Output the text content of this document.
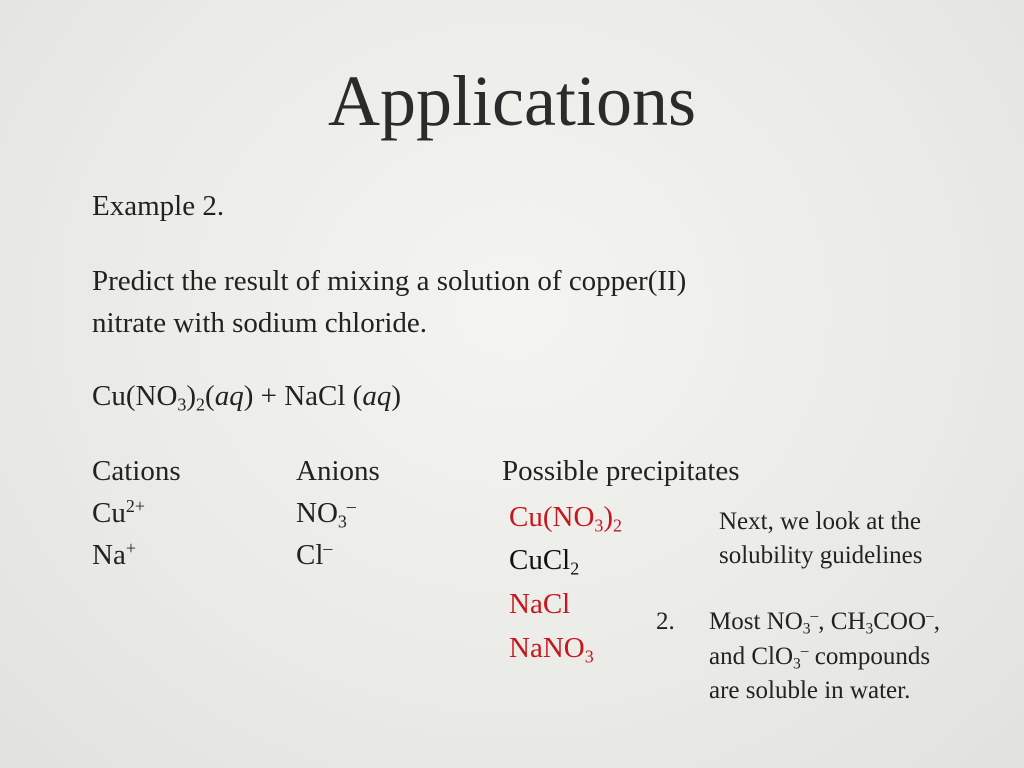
Applications
Example 2.
Predict the result of mixing a solution of copper(II)
nitrate with sodium chloride.
$Cu(NO_3)_2(aq)$ + NaCl (aq)
Cations	Anions	Possible precipitates
$Cu^{2+}$
Na+
$NO_3^-$
Cl–
$Cu(NO_3)_2$
CuCl$_2$
NaCl
NaNO$_3$
Next, we look at the
solubility guidelines
2. Most $NO_3^-$, $CH_3COO^-$,
and ClO$_3$– compounds
are soluble in water.
